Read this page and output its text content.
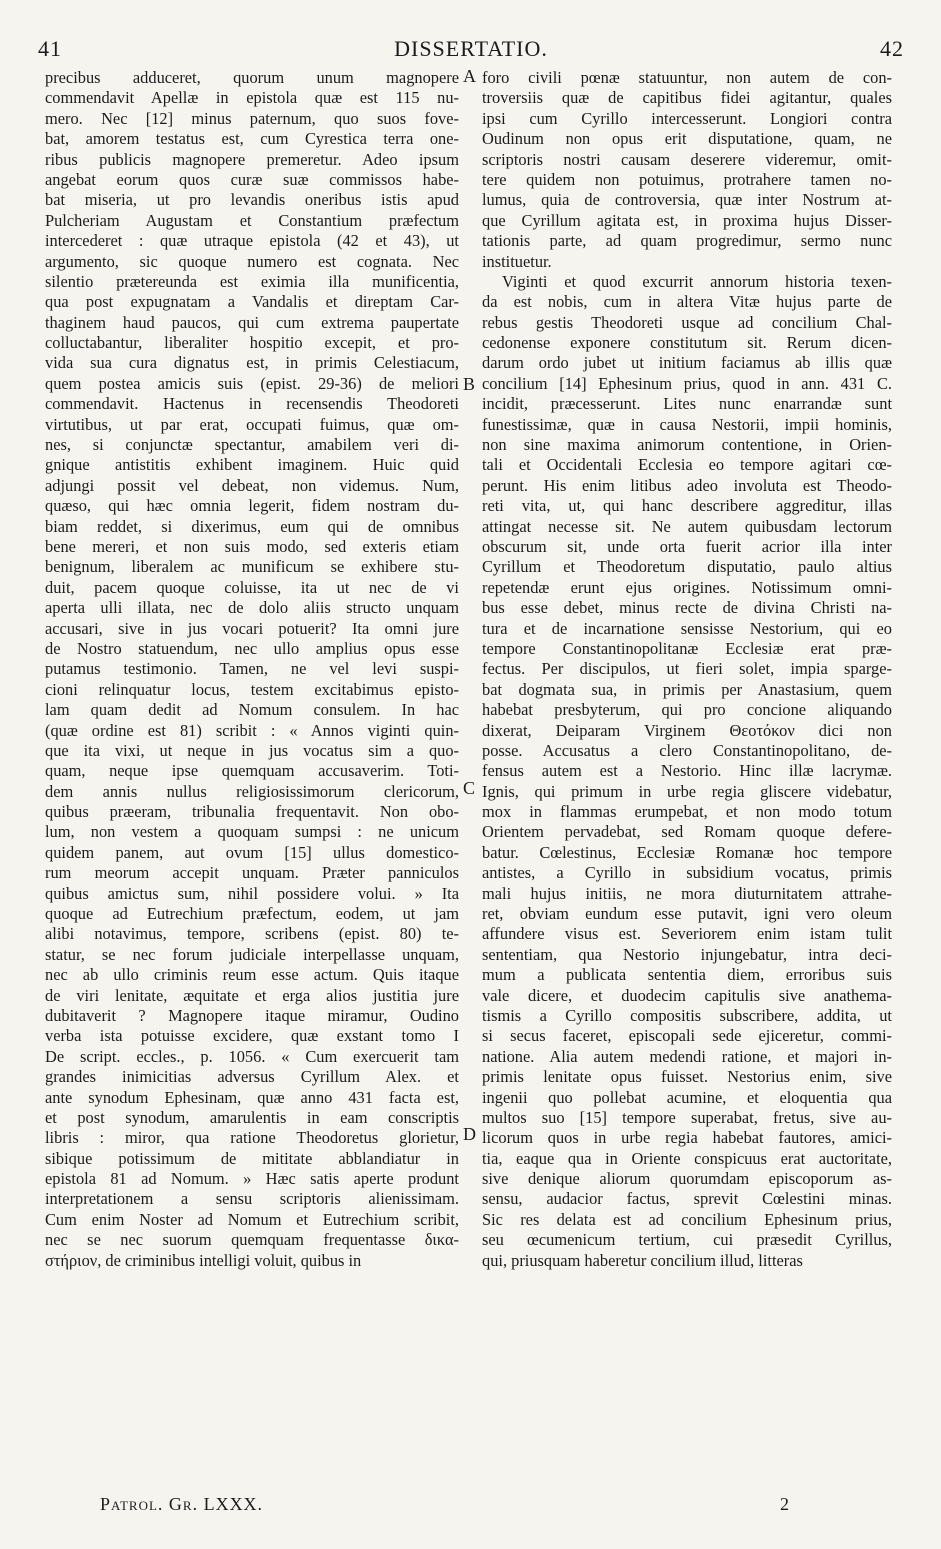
41	DISSERTATIO.	42
precibus adduceret, quorum unum magnopere
commendavit Apellæ in epistola quæ est 115 nu-
mero. Nec [12] minus paternum, quo suos fove-
bat, amorem testatus est, cum Cyrestica terra one-
ribus publicis magnopere premeretur. Adeo ipsum
angebat eorum quos curæ suæ commissos habe-
bat miseria, ut pro levandis oneribus istis apud
Pulcheriam Augustam et Constantium præfectum
intercederet : quæ utraque epistola (42 et 43), ut
argumento, sic quoque numero est cognata. Nec
silentio prætereunda est eximia illa munificentia,
qua post expugnatam a Vandalis et direptam Car-
thaginem haud paucos, qui cum extrema paupertate
colluctabantur, liberaliter hospitio excepit, et pro-
vida sua cura dignatus est, in primis Celestiacum,
quem postea amicis suis (epist. 29-36) de meliori
commendavit. Hactenus in recensendis Theodoreti
virtutibus, ut par erat, occupati fuimus, quæ om-
nes, si conjunctæ spectantur, amabilem veri di-
gnique antistitis exhibent imaginem. Huic quid
adjungi possit vel debeat, non videmus. Num,
quæso, qui hæc omnia legerit, fidem nostram du-
biam reddet, si dixerimus, eum qui de omnibus
bene mereri, et non suis modo, sed exteris etiam
benignum, liberalem ac munificum se exhibere stu-
duit, pacem quoque coluisse, ita ut nec de vi
aperta ulli illata, nec de dolo aliis structo unquam
accusari, sive in jus vocari potuerit? Ita omni jure
de Nostro statuendum, nec ullo amplius opus esse
putamus testimonio. Tamen, ne vel levi suspi-
cioni relinquatur locus, testem excitabimus episto-
lam quam dedit ad Nomum consulem. In hac
(quæ ordine est 81) scribit : « Annos viginti quin-
que ita vixi, ut neque in jus vocatus sim a quo-
quam, neque ipse quemquam accusaverim. Toti-
dem annis nullus religiosissimorum clericorum,
quibus præeram, tribunalia frequentavit. Non obo-
lum, non vestem a quoquam sumpsi : ne unicum
quidem panem, aut ovum [15] ullus domestico-
rum meorum accepit unquam. Præter panniculos
quibus amictus sum, nihil possidere volui. » Ita
quoque ad Eutrechium præfectum, eodem, ut jam
alibi notavimus, tempore, scribens (epist. 80) te-
statur, se nec forum judiciale interpellasse unquam,
nec ab ullo criminis reum esse actum. Quis itaque
de viri lenitate, æquitate et erga alios justitia jure
dubitaverit ? Magnopere itaque miramur, Oudino
verba ista potuisse excidere, quæ exstant tomo I
De script. eccles., p. 1056. « Cum exercuerit tam
grandes inimicitias adversus Cyrillum Alex. et
ante synodum Ephesinam, quæ anno 431 facta est,
et post synodum, amarulentis in eam conscriptis
libris : miror, qua ratione Theodoretus glorietur,
sibique potissimum de mititate abblandiatur in
epistola 81 ad Nomum. » Hæc satis aperte produnt
interpretationem a sensu scriptoris alienissimam.
Cum enim Noster ad Nomum et Eutrechium scribit,
nec se nec suorum quemquam frequentasse δικα-
στήριον, de criminibus intelligi voluit, quibus in
foro civili pœnæ statuuntur, non autem de con-
troversiis quæ de capitibus fidei agitantur, quales
ipsi cum Cyrillo intercesserunt. Longiori contra
Oudinum non opus erit disputatione, quam, ne
scriptoris nostri causam deserere videremur, omit-
tere quidem non potuimus, protrahere tamen no-
lumus, quia de controversia, quæ inter Nostrum at-
que Cyrillum agitata est, in proxima hujus Disser-
tationis parte, ad quam progredimur, sermo nunc
instituetur.
Viginti et quod excurrit annorum historia texen-
da est nobis, cum in altera Vitæ hujus parte de
rebus gestis Theodoreti usque ad concilium Chal-
cedonense exponere constitutum sit. Rerum dicen-
darum ordo jubet ut initium faciamus ab illis quæ
concilium [14] Ephesinum prius, quod in ann. 431 C.
incidit, præcesserunt. Lites nunc enarrandæ sunt
funestissimæ, quæ in causa Nestorii, impii hominis,
non sine maxima animorum contentione, in Orien-
tali et Occidentali Ecclesia eo tempore agitari cœ-
perunt. His enim litibus adeo involuta est Theodo-
reti vita, ut, qui hanc describere aggreditur, illas
attingat necesse sit. Ne autem quibusdam lectorum
obscurum sit, unde orta fuerit acrior illa inter
Cyrillum et Theodoretum disputatio, paulo altius
repetendæ erunt ejus origines. Notissimum omni-
bus esse debet, minus recte de divina Christi na-
tura et de incarnatione sensisse Nestorium, qui eo
tempore Constantinopolitanæ Ecclesiæ erat præ-
fectus. Per discipulos, ut fieri solet, impia sparge-
bat dogmata sua, in primis per Anastasium, quem
habebat presbyterum, qui pro concione aliquando
dixerat, Deiparam Virginem Θεοτόκον dici non
posse. Accusatus a clero Constantinopolitano, de-
fensus autem est a Nestorio. Hinc illæ lacrymæ.
Ignis, qui primum in urbe regia gliscere videbatur,
mox in flammas erumpebat, et non modo totum
Orientem pervadebat, sed Romam quoque defere-
batur. Cœlestinus, Ecclesiæ Romanæ hoc tempore
antistes, a Cyrillo in subsidium vocatus, primis
mali hujus initiis, ne mora diuturnitatem attrahe-
ret, obviam eundum esse putavit, igni vero oleum
affundere visus est. Severiorem enim istam tulit
sententiam, qua Nestorio injungebatur, intra deci-
mum a publicata sententia diem, erroribus suis
vale dicere, et duodecim capitulis sive anathema-
tismis a Cyrillo compositis subscribere, addita, ut
si secus faceret, episcopali sede ejiceretur, commi-
natione. Alia autem medendi ratione, et majori in-
primis lenitate opus fuisset. Nestorius enim, sive
ingenii quo pollebat acumine, et eloquentia qua
multos suo [15] tempore superabat, fretus, sive au-
licorum quos in urbe regia habebat fautores, amici-
tia, eaque qua in Oriente conspicuus erat auctoritate,
sive denique aliorum quorumdam episcoporum as-
sensu, audacior factus, sprevit Cœlestini minas.
Sic res delata est ad concilium Ephesinum prius,
seu œcumenicum tertium, cui præsedit Cyrillus,
qui, priusquam haberetur concilium illud, litteras
A
B
C
D
Patrol. Gr. LXXX.	2
